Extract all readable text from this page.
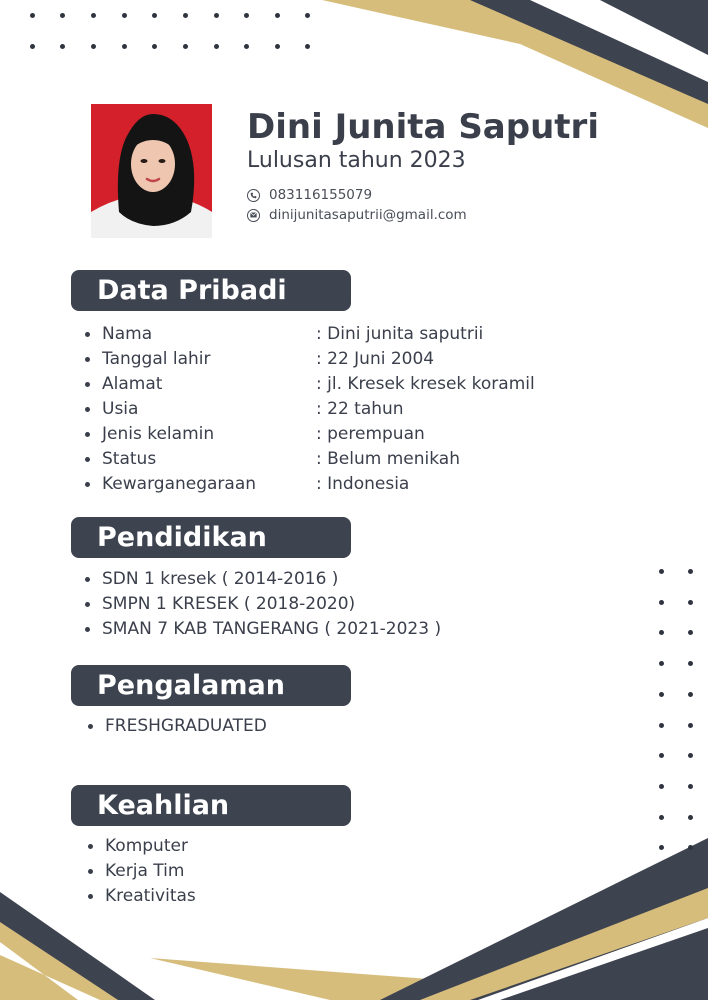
Dini Junita Saputri
Lulusan tahun 2023
083116155079
dinijunitasaputrii@gmail.com
Data Pribadi
Nama	: Dini junita saputrii
Tanggal lahir	: 22 Juni 2004
Alamat	: jl. Kresek kresek koramil
Usia	: 22 tahun
Jenis kelamin	: perempuan
Status	: Belum menikah
Kewarganegaraan	: Indonesia
Pendidikan
SDN 1 kresek ( 2014-2016 )
SMPN 1 KRESEK ( 2018-2020)
SMAN 7 KAB TANGERANG ( 2021-2023 )
Pengalaman
FRESHGRADUATED
Keahlian
Komputer
Kerja Tim
Kreativitas
